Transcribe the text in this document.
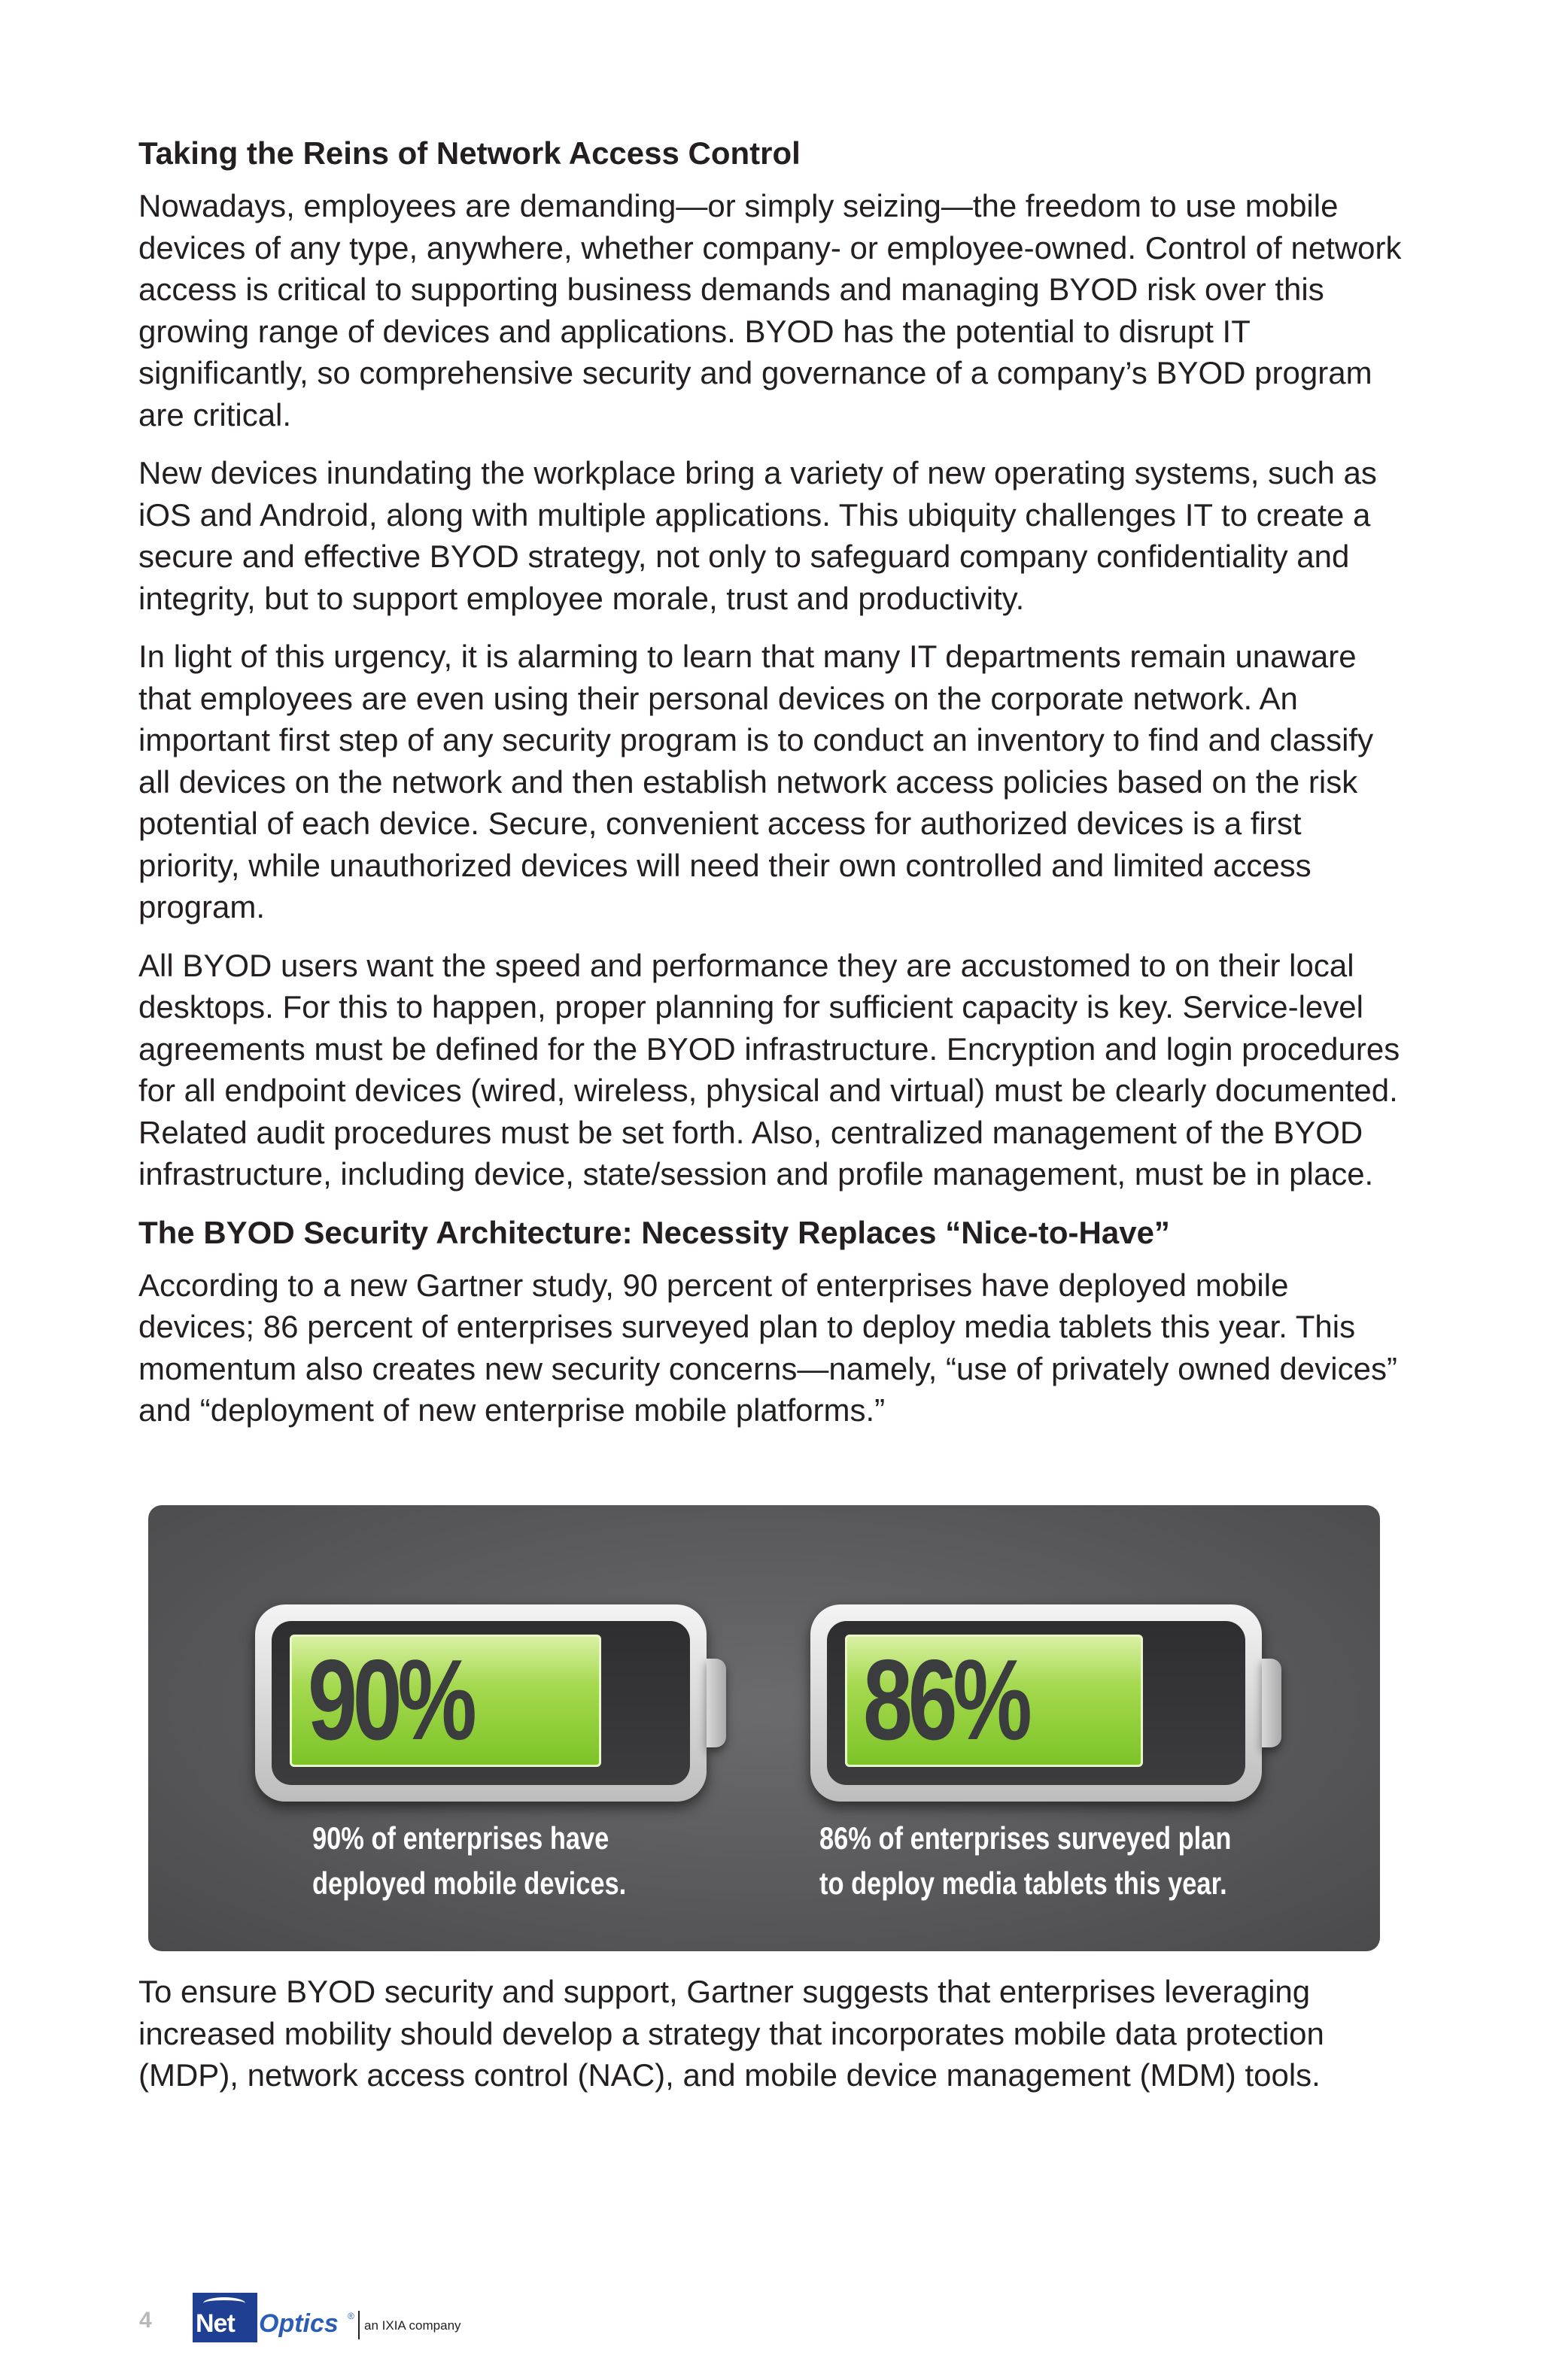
Taking the Reins of Network Access Control

Nowadays, employees are demanding—or simply seizing—the freedom to use mobile devices of any type, anywhere, whether company- or employee-owned. Control of network access is critical to supporting business demands and managing BYOD risk over this growing range of devices and applications. BYOD has the potential to disrupt IT significantly, so comprehensive security and governance of a company’s BYOD program are critical.

New devices inundating the workplace bring a variety of new operating systems, such as iOS and Android, along with multiple applications. This ubiquity challenges IT to create a secure and effective BYOD strategy, not only to safeguard company confidentiality and integrity, but to support employee morale, trust and productivity.

In light of this urgency, it is alarming to learn that many IT departments remain unaware that employees are even using their personal devices on the corporate network. An important first step of any security program is to conduct an inventory to find and classify all devices on the network and then establish network access policies based on the risk potential of each device. Secure, convenient access for authorized devices is a first priority, while unauthorized devices will need their own controlled and limited access program.

All BYOD users want the speed and performance they are accustomed to on their local desktops. For this to happen, proper planning for sufficient capacity is key. Service-level agreements must be defined for the BYOD infrastructure. Encryption and login procedures for all endpoint devices (wired, wireless, physical and virtual) must be clearly documented. Related audit procedures must be set forth. Also, centralized management of the BYOD infrastructure, including device, state/session and profile management, must be in place.

The BYOD Security Architecture: Necessity Replaces “Nice-to-Have”

According to a new Gartner study, 90 percent of enterprises have deployed mobile devices; 86 percent of enterprises surveyed plan to deploy media tablets this year. This momentum also creates new security concerns—namely, “use of privately owned devices” and “deployment of new enterprise mobile platforms.”

90%
90% of enterprises have
deployed mobile devices.
86%
86% of enterprises surveyed plan
to deploy media tablets this year.

To ensure BYOD security and support, Gartner suggests that enterprises leveraging increased mobility should develop a strategy that incorporates mobile data protection (MDP), network access control (NAC), and mobile device management (MDM) tools.

4 Net Optics ®
an IXIA company
